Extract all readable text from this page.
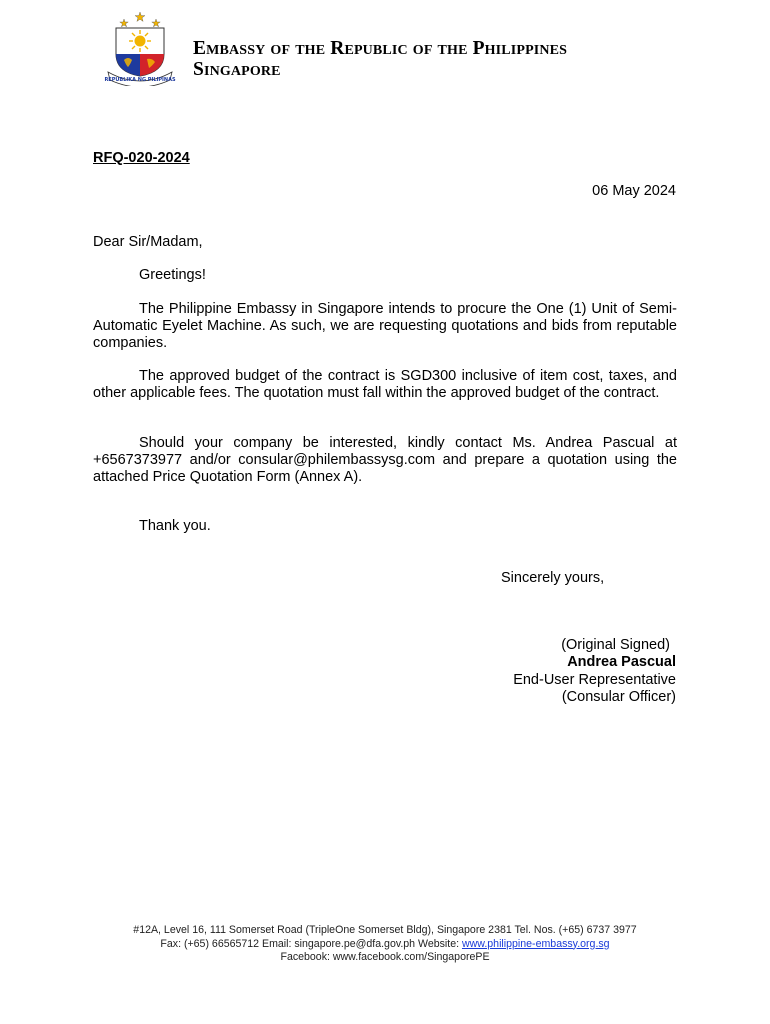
REPUBLIKA NG PILIPINAS
Embassy of the Republic of the Philippines
Singapore
RFQ-020-2024
06 May 2024
Dear Sir/Madam,
Greetings!
The Philippine Embassy in Singapore intends to procure the One (1) Unit of Semi-Automatic Eyelet Machine. As such, we are requesting quotations and bids from reputable companies.
The approved budget of the contract is SGD300 inclusive of item cost, taxes, and other applicable fees. The quotation must fall within the approved budget of the contract.
Should your company be interested, kindly contact Ms. Andrea Pascual at +6567373977 and/or consular@philembassysg.com and prepare a quotation using the attached Price Quotation Form (Annex A).
Thank you.
Sincerely yours,
(Original Signed)
Andrea Pascual
End-User Representative
(Consular Officer)
#12A, Level 16, 111 Somerset Road (TripleOne Somerset Bldg), Singapore 2381 Tel. Nos. (+65) 6737 3977
Fax: (+65) 66565712 Email: singapore.pe@dfa.gov.ph Website: www.philippine-embassy.org.sg
Facebook: www.facebook.com/SingaporePE
